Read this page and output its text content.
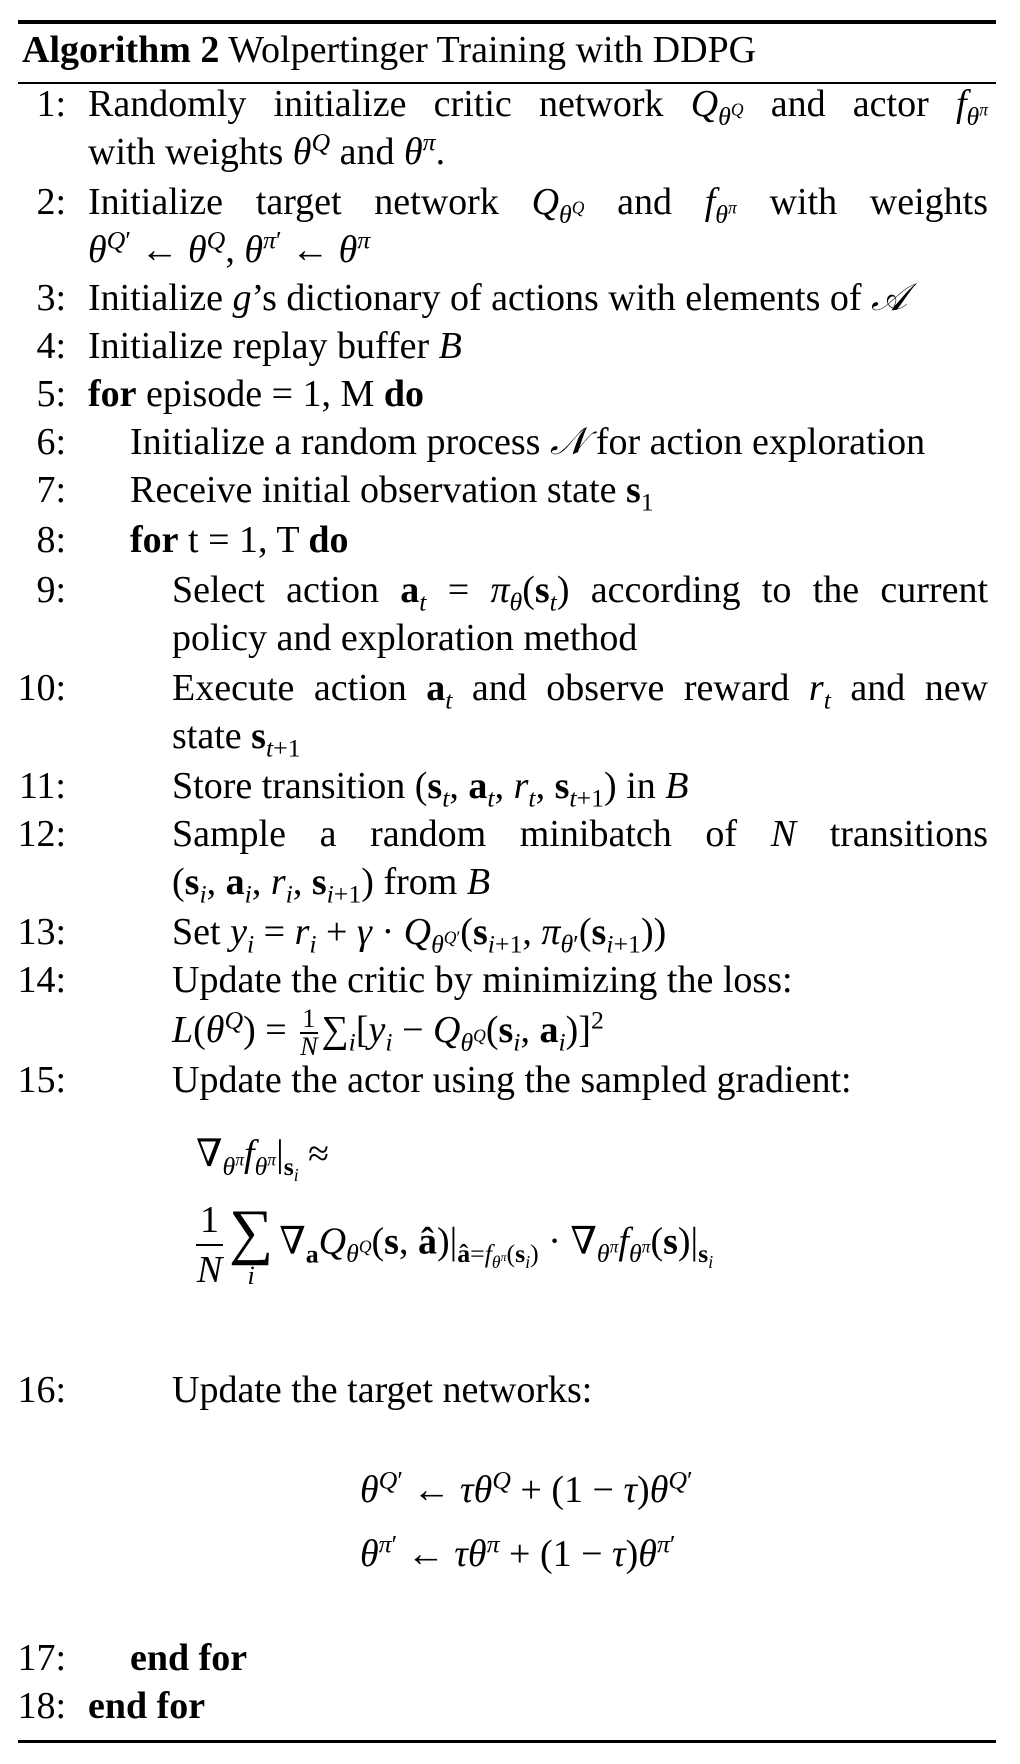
Algorithm 2 Wolpertinger Training with DDPG
1: Randomly initialize critic network $Q_{\theta^Q}$ and actor $f_{\theta^\pi}$
with weights $\theta^Q$ and $\theta^\pi$.
2: Initialize target network $Q_{\theta^Q}$ and $f_{\theta^\pi}$ with weights
$\theta^{Q'}$ ← $\theta^Q$, $\theta^{\pi'}$ ← $\theta^\pi$
3: Initialize g’s dictionary of actions with elements of 𝒜
4: Initialize replay buffer B
5: for episode = 1, M do
6: Initialize a random process 𝒩 for action exploration
7: Receive initial observation state $s_1$
8: for t = 1, T do
9:	Select action $a_t = \pi_\theta(s_t)$ according to the current
policy and exploration method
10:	Execute action $a_t$ and observe reward $r_t$ and new
state $s_{t+1}$
11:	Store transition ($s_t$, $a_t$, $r_t$, $s_{t+1}$) in B
12:	Sample a random minibatch of N transitions
($s_i$, $a_i$, $r_i$, $s_{i+1}$) from B
13:	Set $y_i = r_i + \gamma \cdot Q_{\theta^{Q'}}(s_{i+1}$, $\pi_{\theta'}(s_{i+1})$)
14:	Update the critic by minimizing the loss:
$L(\theta^Q) = \frac{1}{N} \sum_i[y_i - Q_{\theta^Q}(s_i$, $a_i)]^2$
15:	Update the actor using the sampled gradient:
$\nabla_{\theta^\pi}f_{\theta^\pi}|_{s_i}$ ≈
$\frac{1}{N}$ ∑
i
$\nabla_aQ_{\theta^Q}(s$, $â)|_{â=f_{\theta^\pi}(s_i)} \cdot \nabla_{\theta^\pi}f_{\theta^\pi}(s)|_{s_i}$
16:	Update the target networks:
$\theta^{Q'}$ ← $\tau\theta^Q + (1 - \tau)\theta^{Q'}$
$\theta^{\pi'}$ ← $\tau\theta^\pi + (1 - \tau)\theta^{\pi'}$
17: end for
18: end for
